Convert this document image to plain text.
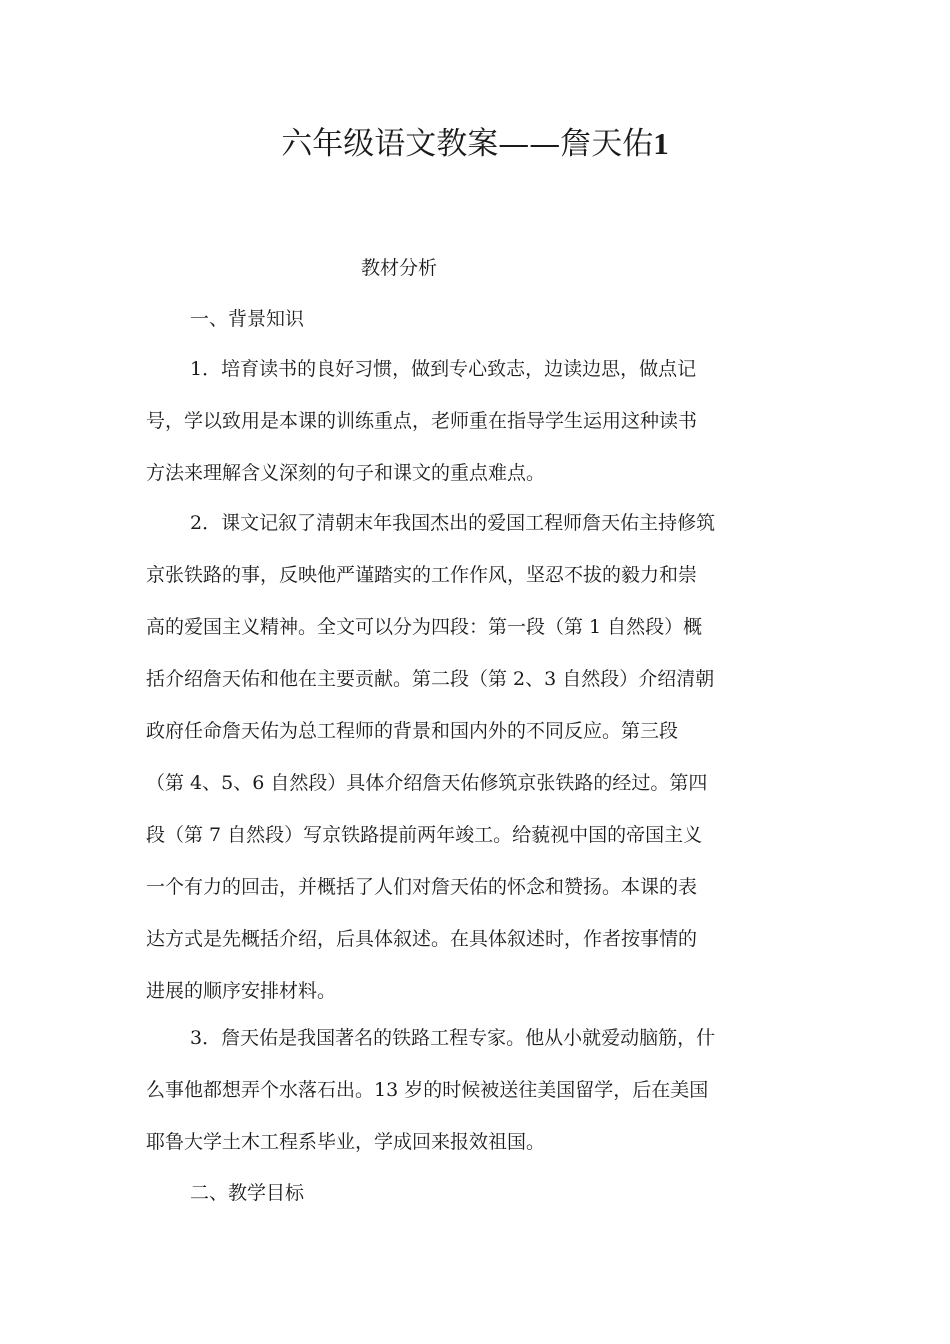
六年级语文教案——詹天佑1
教材分析
一、背景知识
1．培育读书的良好习惯，做到专心致志，边读边思，做点记
号，学以致用是本课的训练重点，老师重在指导学生运用这种读书
方法来理解含义深刻的句子和课文的重点难点。
2．课文记叙了清朝末年我国杰出的爱国工程师詹天佑主持修筑
京张铁路的事，反映他严谨踏实的工作作风，坚忍不拔的毅力和崇
高的爱国主义精神。全文可以分为四段：第一段（第 1 自然段）概
括介绍詹天佑和他在主要贡献。第二段（第 2、3 自然段）介绍清朝
政府任命詹天佑为总工程师的背景和国内外的不同反应。第三段
（第 4、5、6 自然段）具体介绍詹天佑修筑京张铁路的经过。第四
段（第 7 自然段）写京铁路提前两年竣工。给藐视中国的帝国主义
一个有力的回击，并概括了人们对詹天佑的怀念和赞扬。本课的表
达方式是先概括介绍，后具体叙述。在具体叙述时，作者按事情的
进展的顺序安排材料。
3．詹天佑是我国著名的铁路工程专家。他从小就爱动脑筋，什
么事他都想弄个水落石出。13 岁的时候被送往美国留学，后在美国
耶鲁大学土木工程系毕业，学成回来报效祖国。
二、教学目标
